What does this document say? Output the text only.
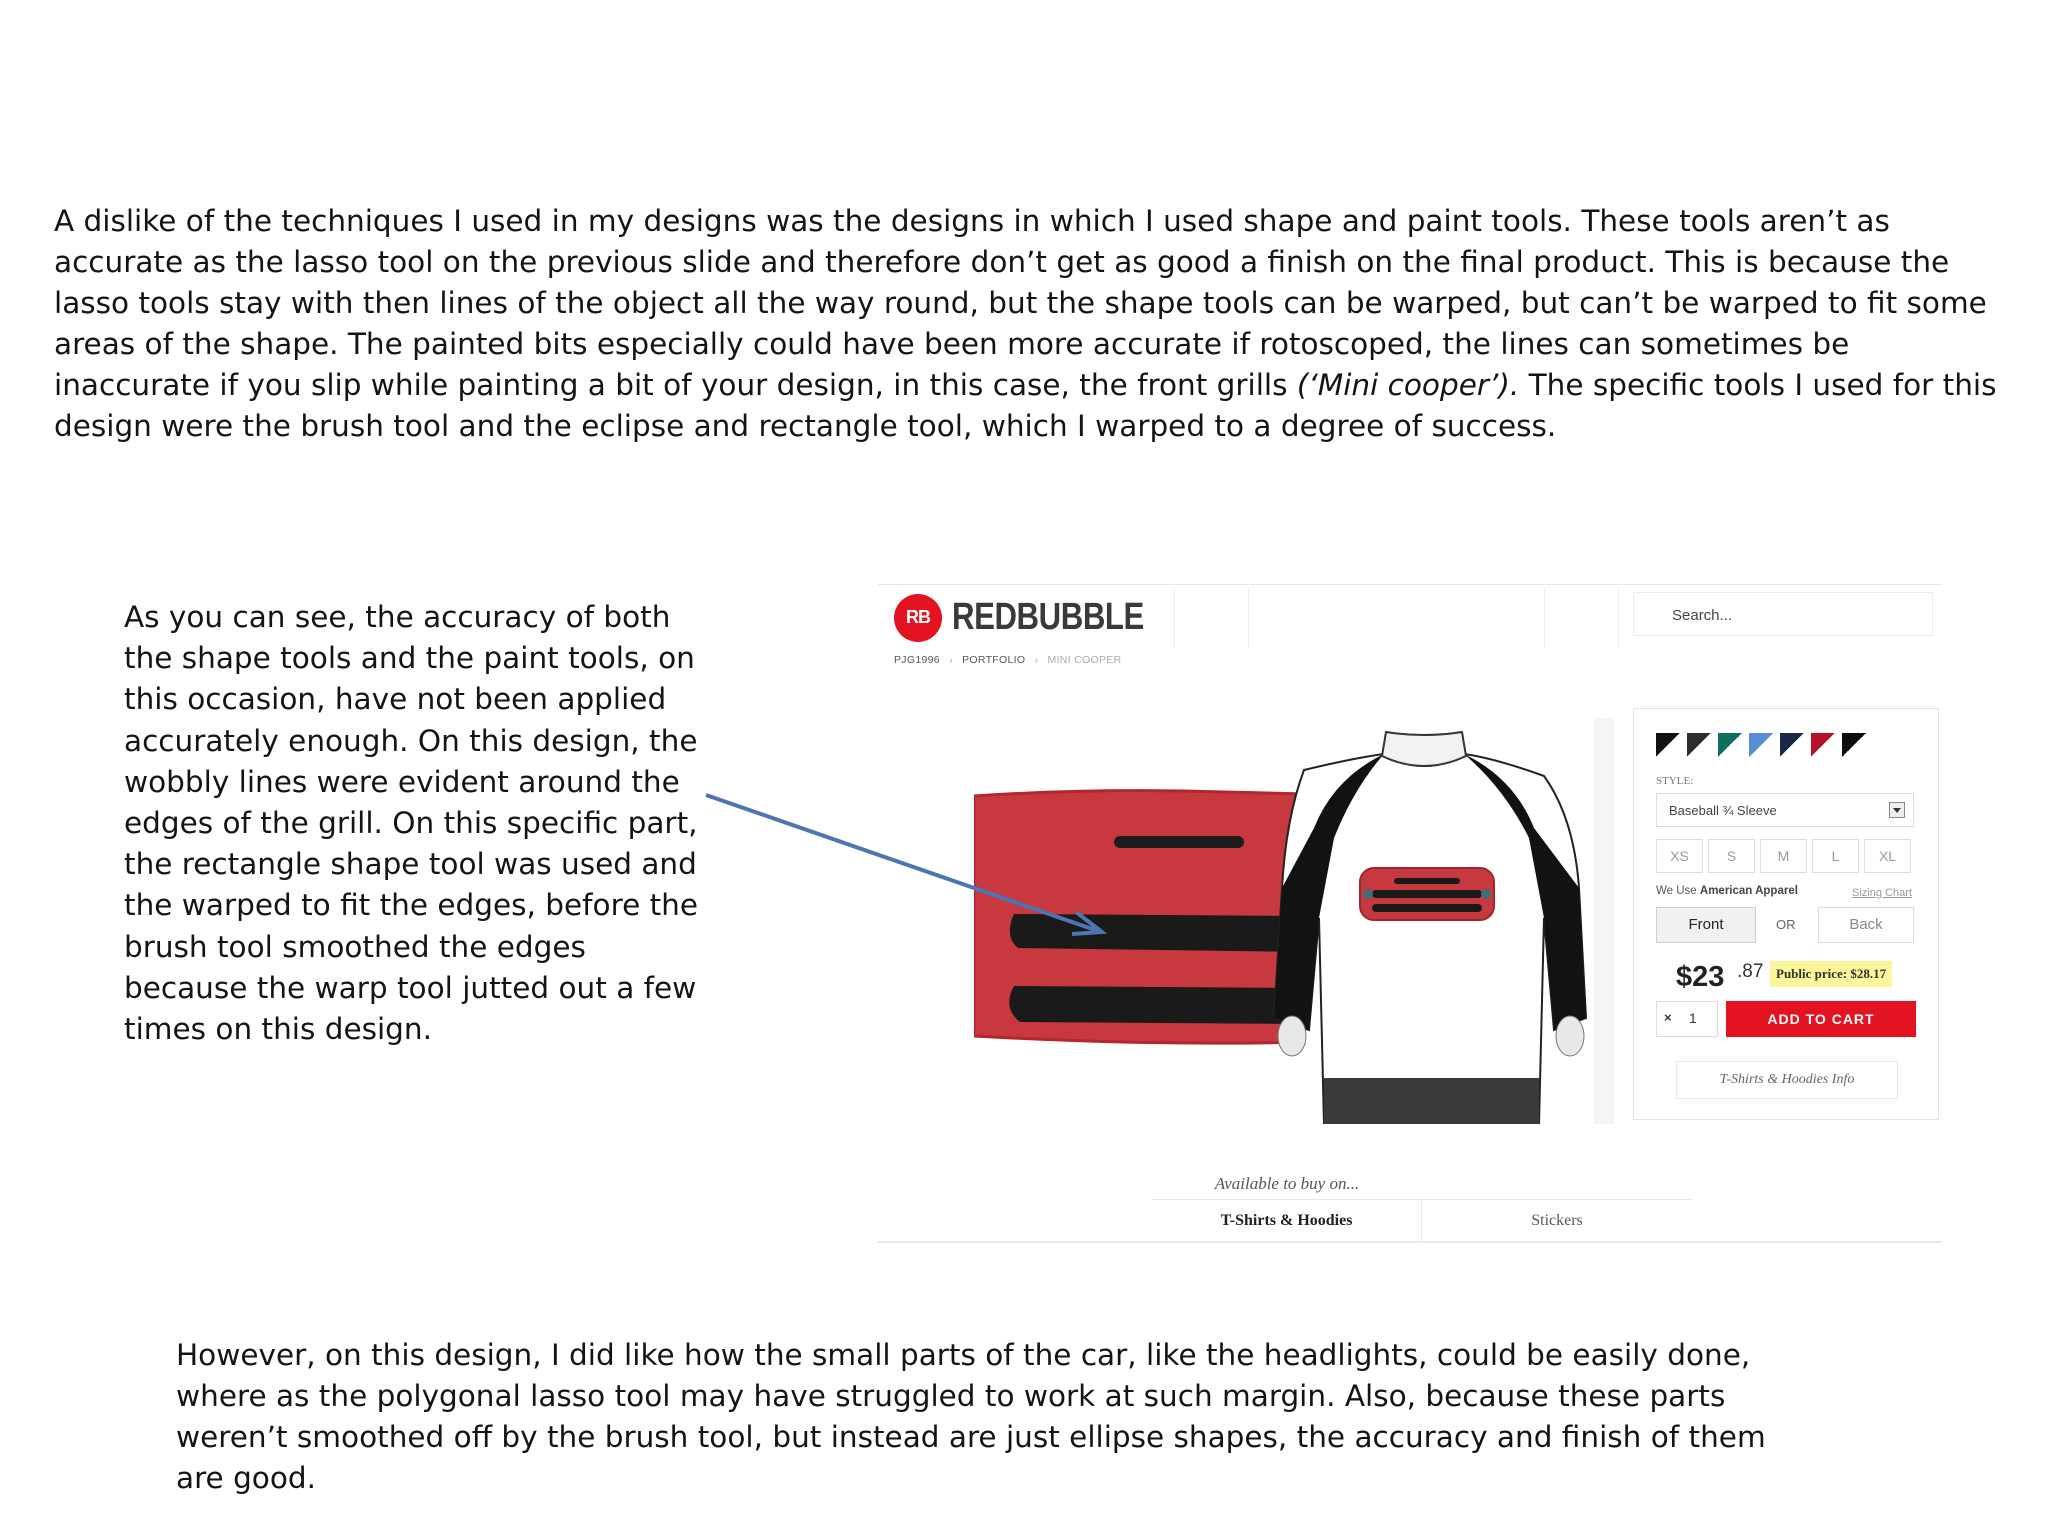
A dislike of the techniques I used in my designs was the designs in which I used shape and paint tools. These tools aren’t as accurate as the lasso tool on the previous slide and therefore don’t get as good a finish on the final product. This is because the lasso tools stay with then lines of the object all the way round, but the shape tools can be warped, but can’t be warped to fit some areas of the shape. The painted bits especially could have been more accurate if rotoscoped, the lines can sometimes be inaccurate if you slip while painting a bit of your design, in this case, the front grills (‘Mini cooper’). The specific tools I used for this design were the brush tool and the eclipse and rectangle tool, which I warped to a degree of success.

As you can see, the accuracy of both the shape tools and the paint tools, on this occasion, have not been applied accurately enough. On this design, the wobbly lines were evident around the edges of the grill. On this specific part, the rectangle shape tool was used and the warped to fit the edges, before the brush tool smoothed the edges because the warp tool jutted out a few times on this design.

RB REDBUBBLE	Search...
PJG1996 › PORTFOLIO › MINI COOPER
STYLE:
Baseball ¾ Sleeve
XS	S	M	L	XL
We Use American Apparel	Sizing Chart
Front	OR	Back
$23 .87 Public price: $28.17
× 1	ADD TO CART
T-Shirts & Hoodies Info
Available to buy on...
T-Shirts & Hoodies	Stickers

However, on this design, I did like how the small parts of the car, like the headlights, could be easily done, where as the polygonal lasso tool may have struggled to work at such margin. Also, because these parts weren’t smoothed off by the brush tool, but instead are just ellipse shapes, the accuracy and finish of them are good.
